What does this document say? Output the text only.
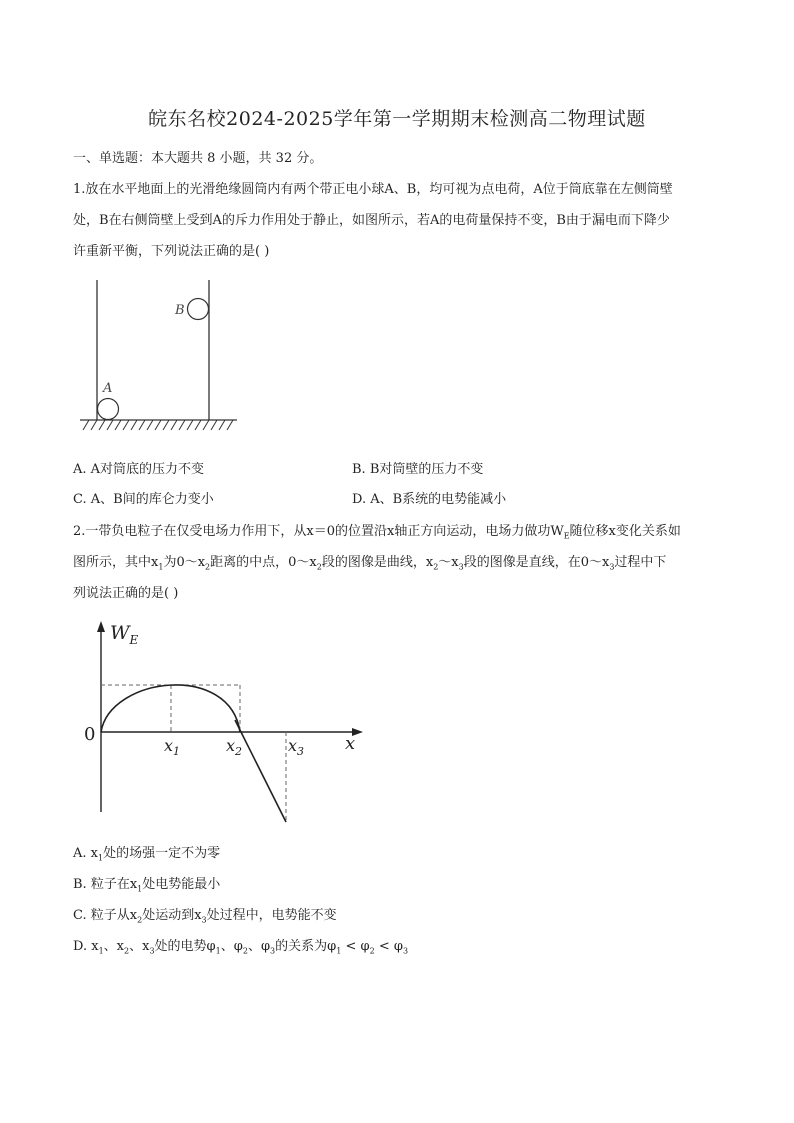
皖东名校2024-2025学年第一学期期末检测高二物理试题
一、单选题：本大题共 8 小题，共 32 分。
1.放在水平地面上的光滑绝缘圆筒内有两个带正电小球A、B，均可视为点电荷，A位于筒底靠在左侧筒壁
处，B在右侧筒壁上受到A的斥力作用处于静止，如图所示，若A的电荷量保持不变，B由于漏电而下降少
许重新平衡，下列说法正确的是( )
A
B
A. A对筒底的压力不变	B. B对筒壁的压力不变
C. A、B间的库仑力变小	D. A、B系统的电势能减小
2.一带负电粒子在仅受电场力作用下，从x＝0的位置沿x轴正方向运动，电场力做功$W_E$随位移x变化关系如
图所示，其中$x_1$为$0\sim x_2$距离的中点，$0\sim x_2$段的图像是曲线，$x_2\sim x_3$段的图像是直线，在$0\sim x_3$过程中下
列说法正确的是( )
$W_E$
0
$x_1$	$x_2$	$x_3$ x
A. $x_1$处的场强一定不为零
B. 粒子在$x_1$处电势能最小
C. 粒子从$x_2$处运动到$x_3$处过程中，电势能不变
D. $x_1$、$x_2$、$x_3$处的电势$\varphi_1$、$\varphi_2$、$\varphi_3$的关系为$\varphi_1 < \varphi_2 < \varphi_3$
